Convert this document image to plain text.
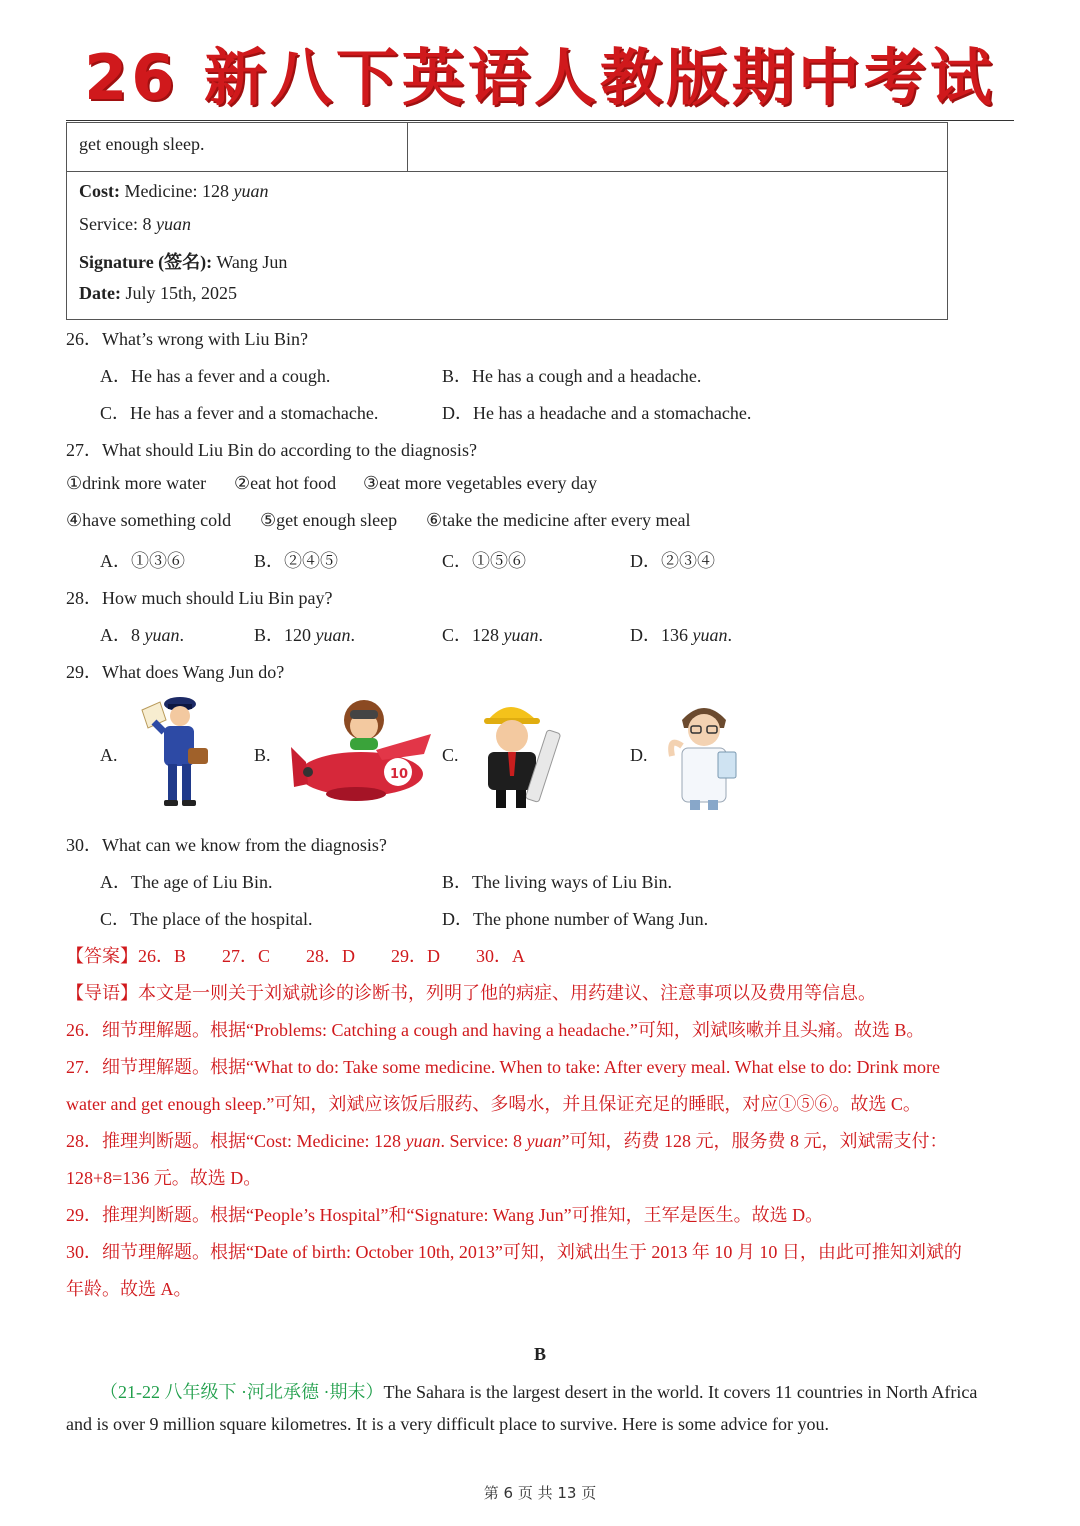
26 新八下英语人教版期中考试
get enough sleep.
Cost: Medicine: 128 yuan
Service: 8 yuan
Signature (签名): Wang Jun
Date: July 15th, 2025
26．What’s wrong with Liu Bin?
A．He has a fever and a cough.	B．He has a cough and a headache.
C．He has a fever and a stomachache.	D．He has a headache and a stomachache.
27．What should Liu Bin do according to the diagnosis?
①drink more water ②eat hot food ③eat more vegetables every day
④have something cold ⑤get enough sleep ⑥take the medicine after every meal
A．①③⑥	B．②④⑤	C．①⑤⑥	D．②③④
28．How much should Liu Bin pay?
A．8 yuan.	B．120 yuan.	C．128 yuan.	D．136 yuan.
29．What does Wang Jun do?
A.	B.	C.	D.
10
30．What can we know from the diagnosis?
A．The age of Liu Bin.	B．The living ways of Liu Bin.
C．The place of the hospital.	D．The phone number of Wang Jun.
【答案】26．B　　27．C　　28．D　　29．D　　30．A
【导语】本文是一则关于刘斌就诊的诊断书，列明了他的病症、用药建议、注意事项以及费用等信息。
26．细节理解题。根据“Problems: Catching a cough and having a headache.”可知，刘斌咳嗽并且头痛。故选 B。
27．细节理解题。根据“What to do: Take some medicine. When to take: After every meal. What else to do: Drink more
water and get enough sleep.”可知，刘斌应该饭后服药、多喝水，并且保证充足的睡眠，对应①⑤⑥。故选 C。
28．推理判断题。根据“Cost: Medicine: 128 yuan. Service: 8 yuan”可知，药费 128 元，服务费 8 元，刘斌需支付：
128+8=136 元。故选 D。
29．推理判断题。根据“People’s Hospital”和“Signature: Wang Jun”可推知，王军是医生。故选 D。
30．细节理解题。根据“Date of birth: October 10th, 2013”可知，刘斌出生于 2013 年 10 月 10 日，由此可推知刘斌的
年龄。故选 A。
B
（21-22 八年级下 ·河北承德 ·期末）The Sahara is the largest desert in the world. It covers 11 countries in North Africa
and is over 9 million square kilometres. It is a very difficult place to survive. Here is some advice for you.
第 6 页 共 13 页
